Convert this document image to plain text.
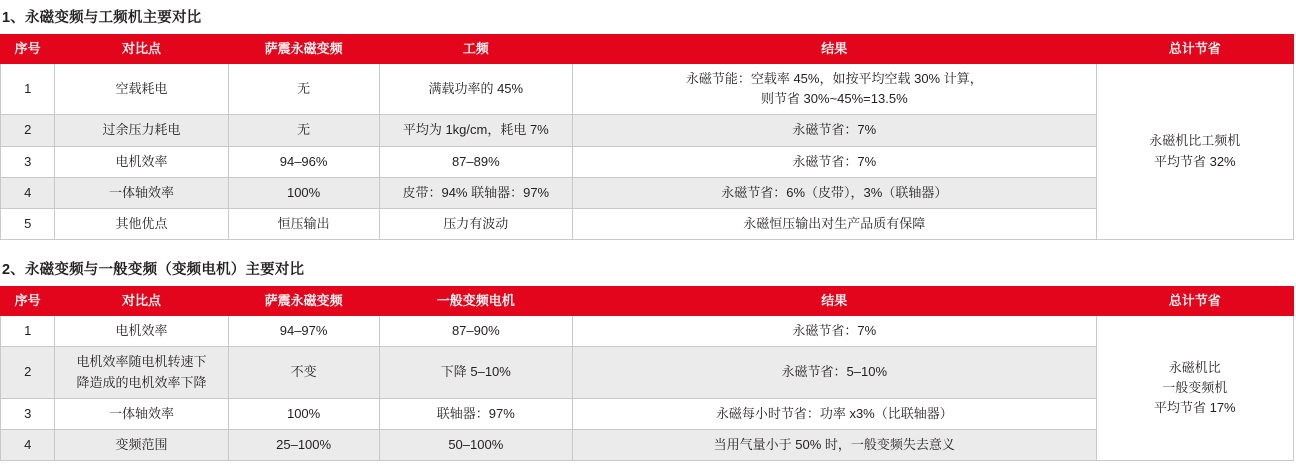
1、永磁变频与工频机主要对比
序号	对比点	萨震永磁变频	工频	结果	总计节省
1	空载耗电	无	满载功率的 45%	永磁节能：空载率 45%，如按平均空载 30% 计算，
则节省 30%~45%=13.5%	永磁机比工频机
平均节省 32%
2	过余压力耗电	无	平均为 1kg/cm，耗电 7%	永磁节省：7%	
3	电机效率	94–96%	87–89%	永磁节省：7%	
4	一体轴效率	100%	皮带：94% 联轴器：97%	永磁节省：6%（皮带），3%（联轴器）	
5	其他优点	恒压输出	压力有波动	永磁恒压输出对生产品质有保障	
2、永磁变频与一般变频（变频电机）主要对比
序号	对比点	萨震永磁变频	一般变频电机	结果	总计节省
1	电机效率	94–97%	87–90%	永磁节省：7%	永磁机比
一般变频机
平均节省 17%
2	电机效率随电机转速下
降造成的电机效率下降	不变	下降 5–10%	永磁节省：5–10%	
3	一体轴效率	100%	联轴器：97%	永磁每小时节省：功率 x3%（比联轴器）	
4	变频范围	25–100%	50–100%	当用气量小于 50% 时，一般变频失去意义	
